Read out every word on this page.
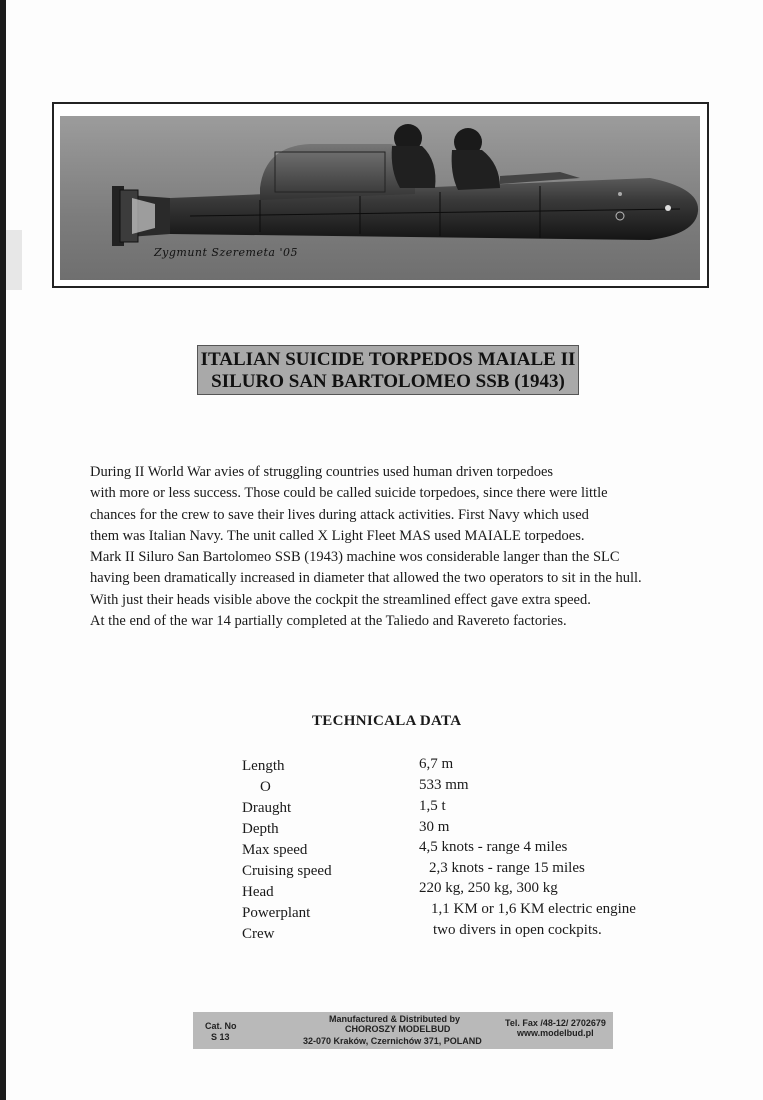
Zygmunt Szeremeta '05
ITALIAN SUICIDE TORPEDOS MAIALE II
SILURO SAN BARTOLOMEO SSB (1943)
During II World War avies of struggling countries used human driven torpedoes
with more or less success. Those could be called suicide torpedoes, since there were little
chances for the crew to save their lives during attack activities. First Navy which used
them was Italian Navy. The unit called X Light Fleet MAS used MAIALE torpedoes.
Mark II Siluro San Bartolomeo SSB (1943) machine wos considerable langer than the SLC
having been dramatically increased in diameter that allowed the two operators to sit in the hull.
With just their heads visible above the cockpit the streamlined effect gave extra speed.
At the end of the war 14 partially completed at the Taliedo and Ravereto factories.
TECHNICALA DATA
Length	6,7 m
O	533 mm
Draught	1,5 t
Depth	30 m
Max speed	4,5 knots - range 4 miles
Cruising speed	2,3 knots - range 15 miles
Head	220 kg, 250 kg, 300 kg
Powerplant	1,1 KM or 1,6 KM electric engine
Crew	two divers in open cockpits.
Cat. No
S 13
Manufactured & Distributed by
CHOROSZY MODELBUD
32-070 Kraków, Czernichów 371, POLAND
Tel. Fax /48-12/ 2702679
www.modelbud.pl
